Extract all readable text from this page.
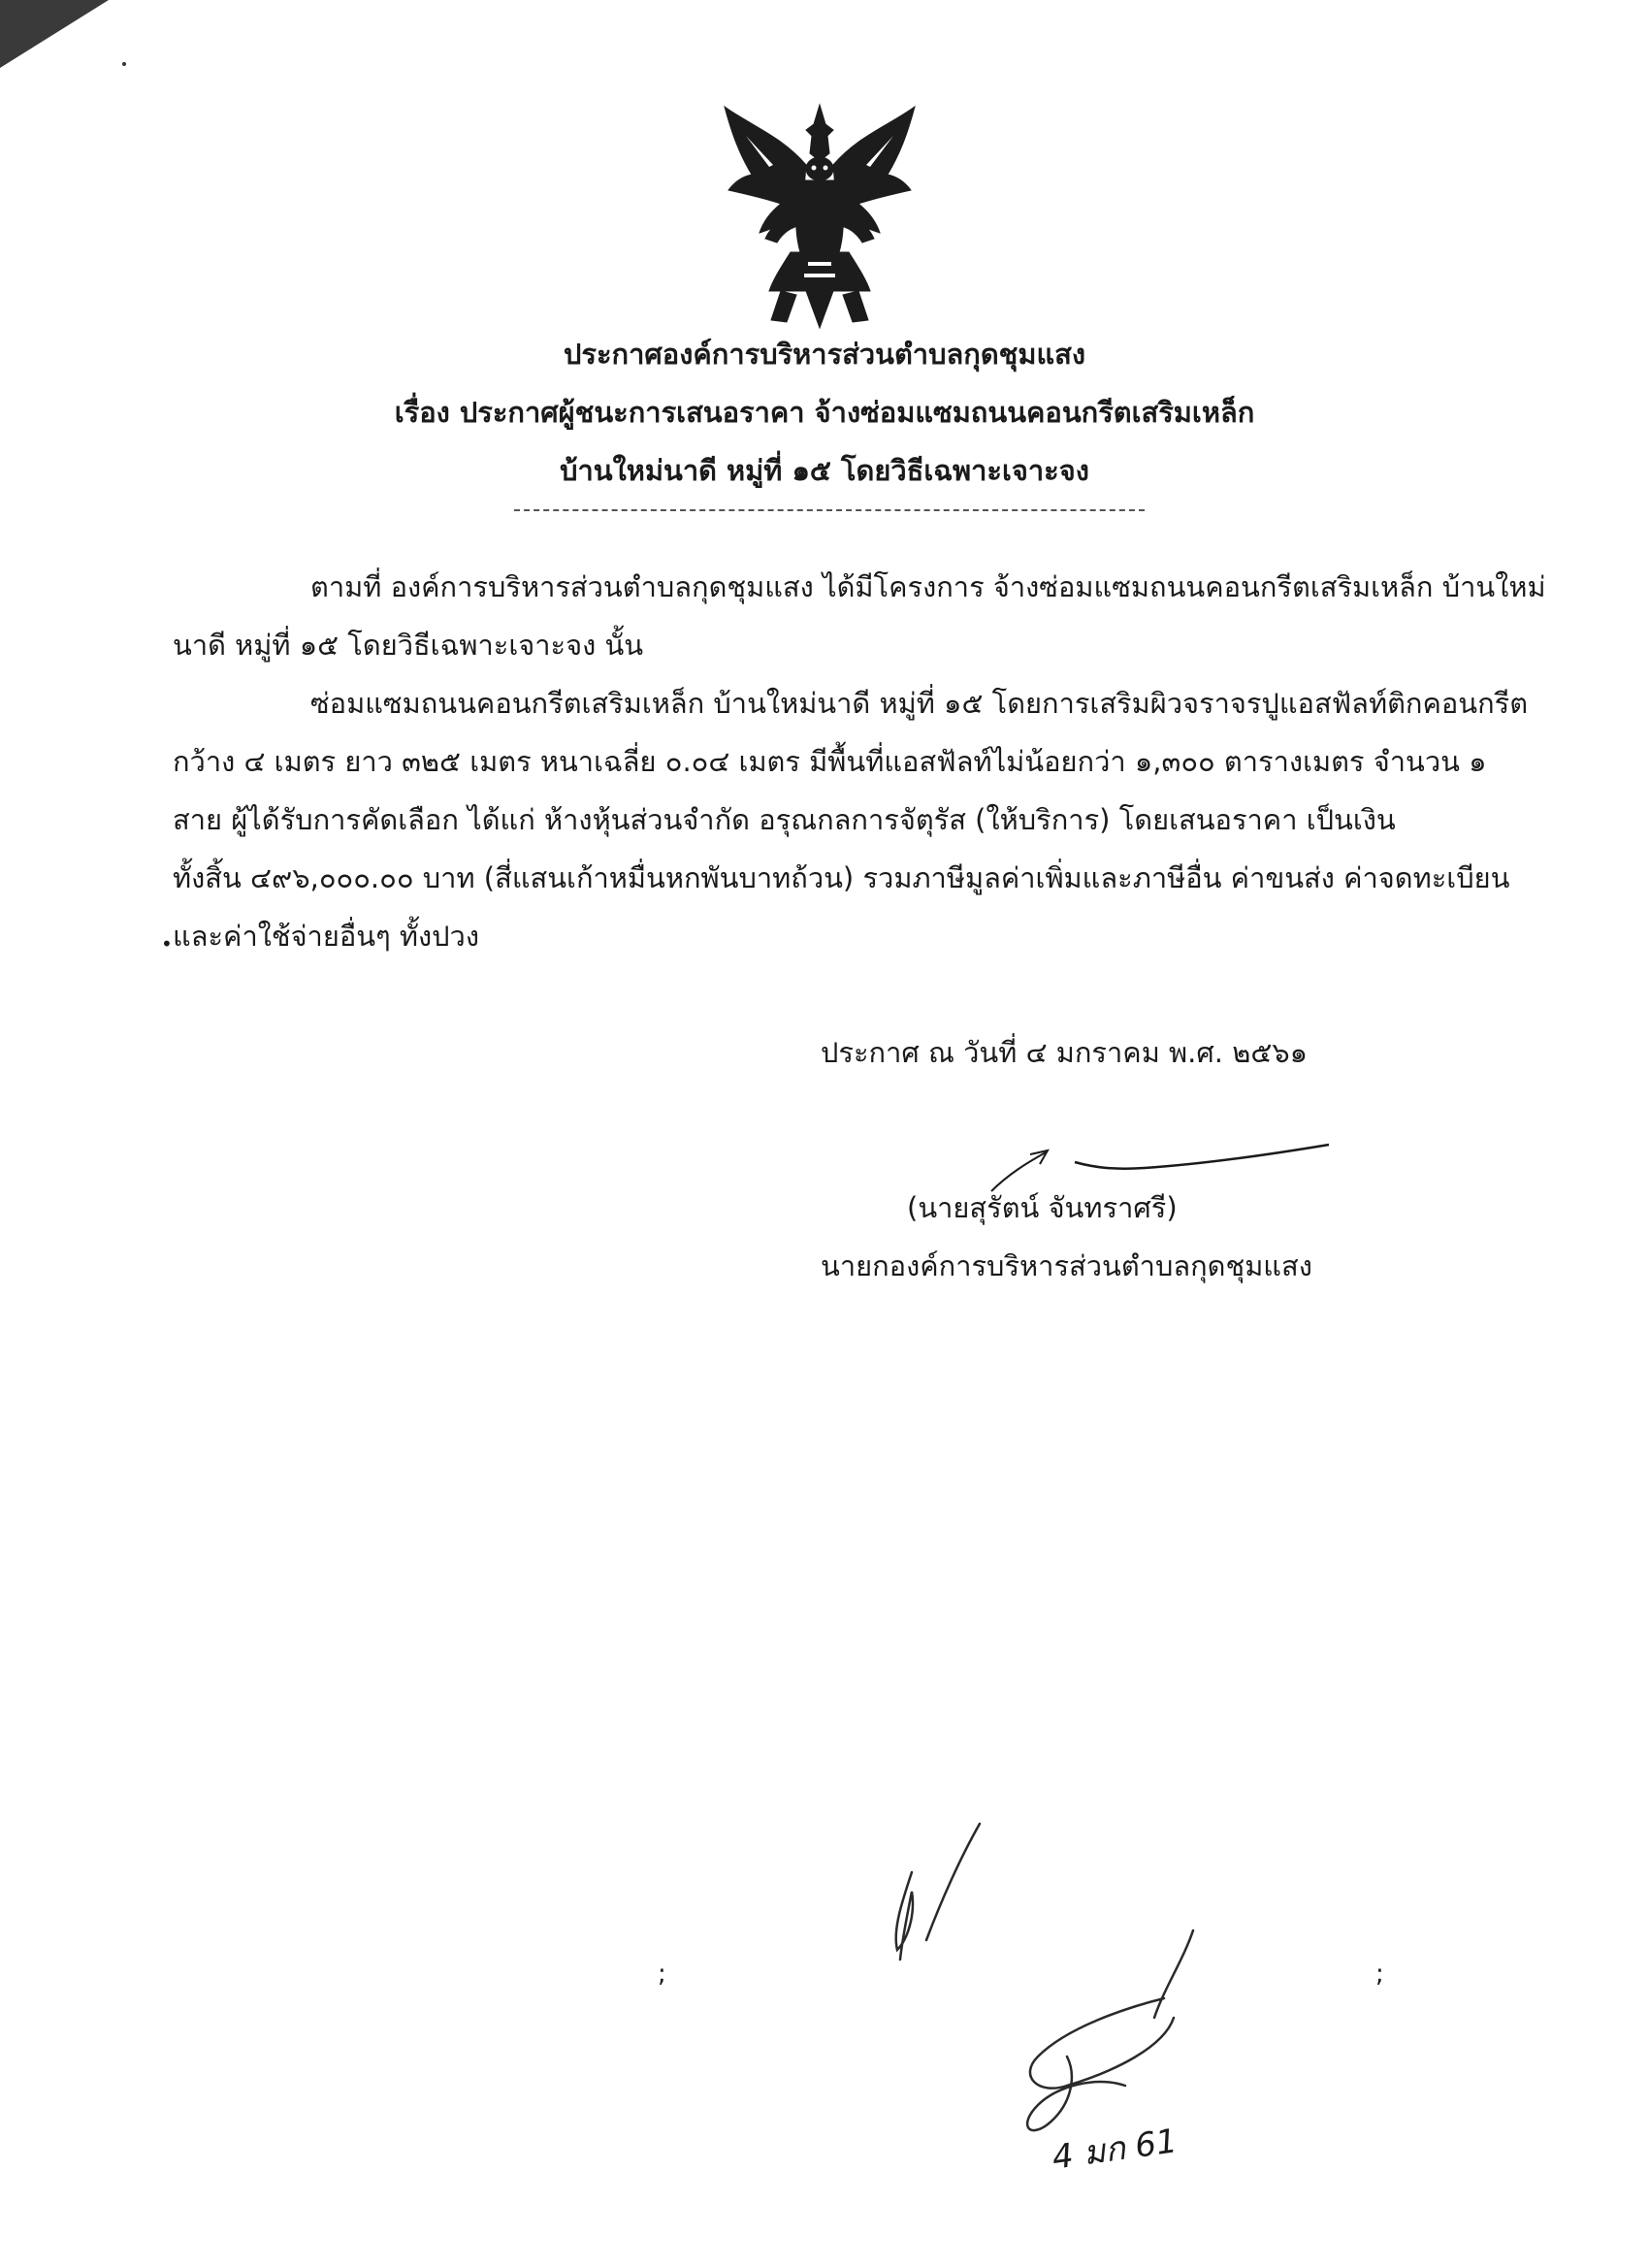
ประกาศองค์การบริหารส่วนตำบลกุดชุมแสง
เรื่อง ประกาศผู้ชนะการเสนอราคา จ้างซ่อมแซมถนนคอนกรีตเสริมเหล็ก
บ้านใหม่นาดี หมู่ที่ ๑๕ โดยวิธีเฉพาะเจาะจง
ตามที่ องค์การบริหารส่วนตำบลกุดชุมแสง ได้มีโครงการ จ้างซ่อมแซมถนนคอนกรีตเสริมเหล็ก บ้านใหม่
นาดี หมู่ที่ ๑๕ โดยวิธีเฉพาะเจาะจง นั้น
ซ่อมแซมถนนคอนกรีตเสริมเหล็ก บ้านใหม่นาดี หมู่ที่ ๑๕ โดยการเสริมผิวจราจรปูแอสฟัลท์ติกคอนกรีต
กว้าง ๔ เมตร ยาว ๓๒๕ เมตร หนาเฉลี่ย ๐.๐๔ เมตร มีพื้นที่แอสฟัลท์ไม่น้อยกว่า ๑,๓๐๐ ตารางเมตร จำนวน ๑
สาย ผู้ได้รับการคัดเลือก ได้แก่ ห้างหุ้นส่วนจำกัด อรุณกลการจัตุรัส (ให้บริการ) โดยเสนอราคา เป็นเงิน
ทั้งสิ้น ๔๙๖,๐๐๐.๐๐ บาท (สี่แสนเก้าหมื่นหกพันบาทถ้วน) รวมภาษีมูลค่าเพิ่มและภาษีอื่น ค่าขนส่ง ค่าจดทะเบียน
และค่าใช้จ่ายอื่นๆ ทั้งปวง
•
ประกาศ ณ วันที่ ๔ มกราคม พ.ศ. ๒๕๖๑
(นายสุรัตน์ จันทราศรี)
นายกองค์การบริหารส่วนตำบลกุดชุมแสง
;	;
4 มก 61
